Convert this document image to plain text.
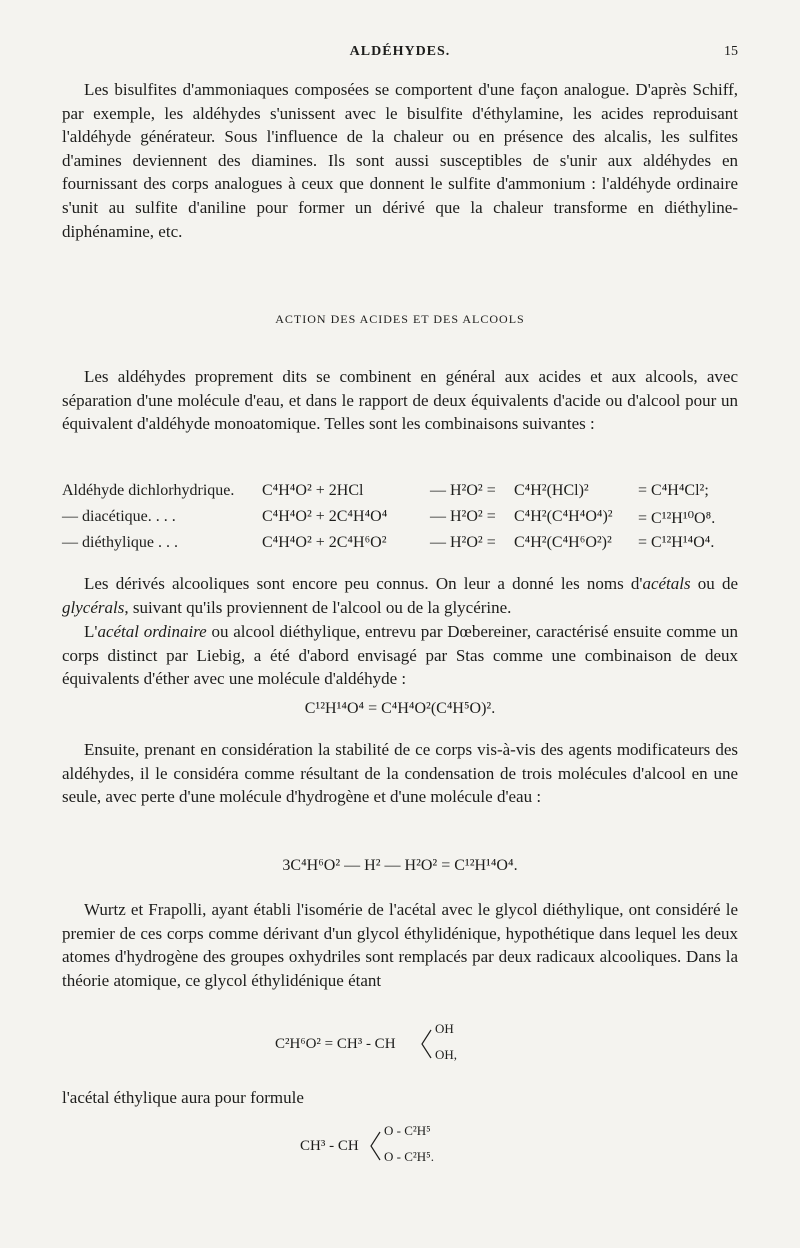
ALDÉHYDES.	15

Les bisulfites d'ammoniaques composées se comportent d'une façon analogue. D'après Schiff, par exemple, les aldéhydes s'unissent avec le bisulfite d'éthylamine, les acides reproduisant l'aldéhyde générateur. Sous l'influence de la chaleur ou en présence des alcalis, les sulfites d'amines deviennent des diamines. Ils sont aussi susceptibles de s'unir aux aldéhydes en fournissant des corps analogues à ceux que donnent le sulfite d'ammonium : l'aldéhyde ordinaire s'unit au sulfite d'aniline pour former un dérivé que la chaleur transforme en diéthyline-diphénamine, etc.

ACTION DES ACIDES ET DES ALCOOLS

Les aldéhydes proprement dits se combinent en général aux acides et aux alcools, avec séparation d'une molécule d'eau, et dans le rapport de deux équivalents d'acide ou d'alcool pour un équivalent d'aldéhyde monoatomique. Telles sont les combinaisons suivantes :

Aldéhyde dichlorhydrique. C⁴H⁴O² + 2HCl	— H²O² = C⁴H²(HCl)²	= C⁴H⁴Cl²;
— diacétique. . . .	C⁴H⁴O² + 2C⁴H⁴O⁴	— H²O² = C⁴H²(C⁴H⁴O⁴)² = C¹²H¹⁰O⁸.
— diéthylique . . .	C⁴H⁴O² + 2C⁴H⁶O²	— H²O² = C⁴H²(C⁴H⁶O²)² = C¹²H¹⁴O⁴.

Les dérivés alcooliques sont encore peu connus. On leur a donné les noms d'acétals ou de glycérals, suivant qu'ils proviennent de l'alcool ou de la glycérine.

L'acétal ordinaire ou alcool diéthylique, entrevu par Dœbereiner, caractérisé ensuite comme un corps distinct par Liebig, a été d'abord envisagé par Stas comme une combinaison de deux équivalents d'éther avec une molécule d'aldéhyde :

C¹²H¹⁴O⁴ = C⁴H⁴O²(C⁴H⁵O)².

Ensuite, prenant en considération la stabilité de ce corps vis-à-vis des agents modificateurs des aldéhydes, il le considéra comme résultant de la condensation de trois molécules d'alcool en une seule, avec perte d'une molécule d'hydrogène et d'une molécule d'eau :

3C⁴H⁶O² — H² — H²O² = C¹²H¹⁴O⁴.

Wurtz et Frapolli, ayant établi l'isomérie de l'acétal avec le glycol diéthylique, ont considéré le premier de ces corps comme dérivant d'un glycol éthylidénique, hypothétique dans lequel les deux atomes d'hydrogène des groupes oxhydriles sont remplacés par deux radicaux alcooliques. Dans la théorie atomique, ce glycol éthylidénique étant

C²H⁶O² = CH³ - CH
OH
OH,

l'acétal éthylique aura pour formule

CH³ - CH
O - C²H⁵
O - C²H⁵.
